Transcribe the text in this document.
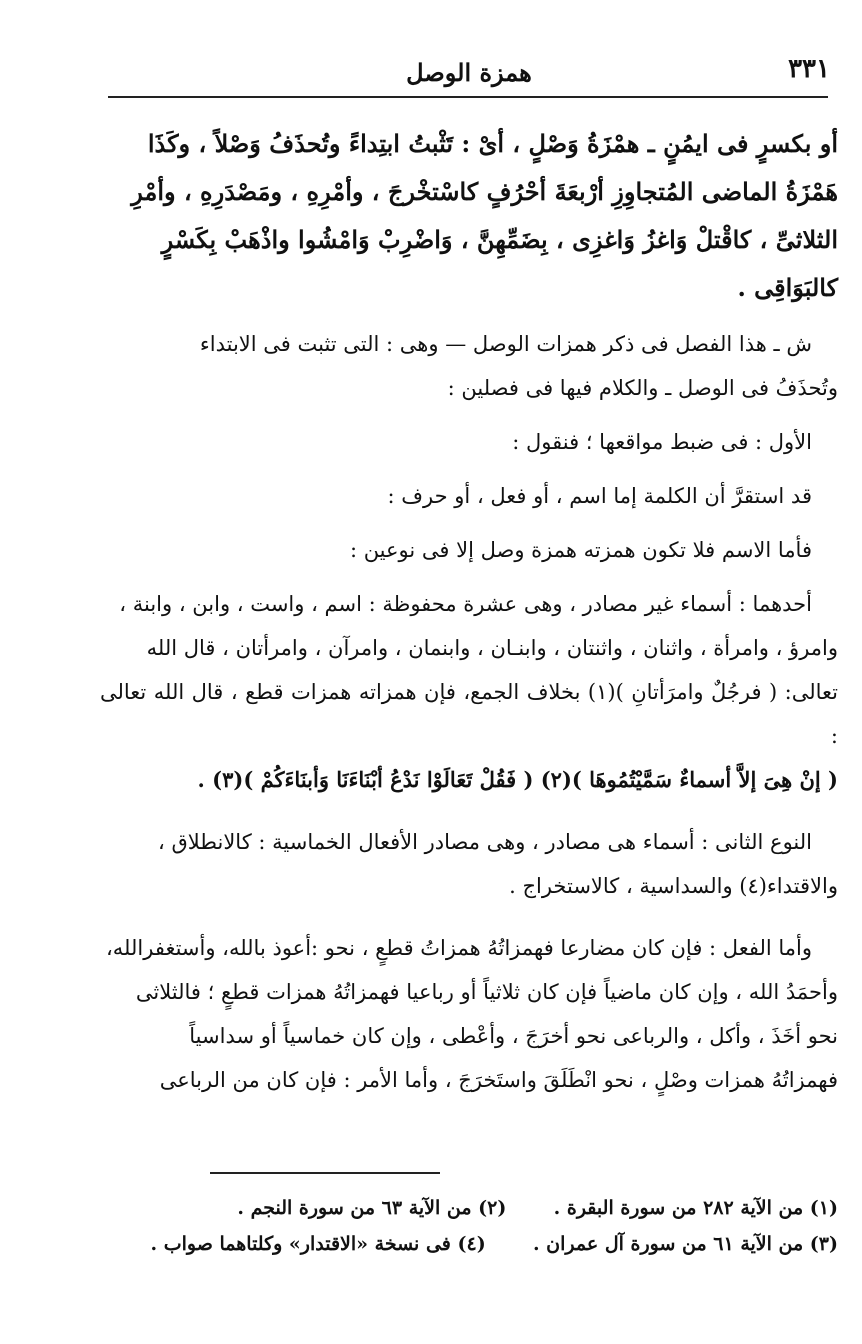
٣٣١
همزة الوصل
أو بكسرٍ فى ايمُنٍ ـ همْزَةُ وَصْلٍ ، أىْ : تَثْبتُ ابتِداءً وتُحذَفُ وَصْلاً ، وكَذَا
هَمْزَةُ الماضى المُتجاوِزِ أرْبعَةَ أحْرُفٍ كاسْتخْرجَ ، وأمْرِهِ ، ومَصْدَرِهِ ، وأمْرِ
الثلاثىِّ ، كاقْتلْ وَاغزُ وَاغزِى ، بِضَمِّهِنَّ ، وَاضْرِبْ وَامْشُوا واذْهَبْ بِكَسْرٍ
كالبَوَاقِى .
ش ـ هذا الفصل فى ذكر همزات الوصل — وهى : التى تثبت فى الابتداء
وتُحذَفُ فى الوصل ـ والكلام فيها فى فصلين :
الأول : فى ضبط مواقعها ؛ فنقول :
قد استقرَّ أن الكلمة إما اسم ، أو فعل ، أو حرف :
فأما الاسم فلا تكون همزته همزة وصل إلا فى نوعين :
أحدهما : أسماء غير مصادر ، وهى عشرة محفوظة : اسم ، واست ، وابن ، وابنة ،
وامرؤ ، وامرأة ، واثنان ، واثنتان ، وابنـان ، وابنمان ، وامرآن ، وامرأتان ، قال الله
تعالى: ( فرجُلٌ وامرَأتانِ )(١) بخلاف الجمع، فإن همزاته همزات قطع ، قال الله تعالى :
( إنْ هِىَ إلاَّ أسماءٌ سَمَّيْتُمُوهَا )(٢) ( فَقُلْ تَعَالَوْا نَدْعُ أبْنَاءَنَا وَأبنَاءَكُمْ )(٣) .
النوع الثانى : أسماء هى مصادر ، وهى مصادر الأفعال الخماسية : كالانطلاق ،
والاقتداء(٤) والسداسية ، كالاستخراج .
وأما الفعل : فإن كان مضارعا فهمزاتُهُ همزاتُ قطعٍ ، نحو :أعوذ بالله، وأستغفرالله،
وأحمَدُ الله ، وإن كان ماضياً فإن كان ثلاثياً أو رباعيا فهمزاتُهُ همزات قطعٍ ؛ فالثلاثى
نحو أخَذَ ، وأكل ، والرباعى نحو أخرَجَ ، وأعْطى ، وإن كان خماسياً أو سداسياً
فهمزاتُهُ همزات وصْلٍ ، نحو انْطَلَقَ واستَخرَجَ ، وأما الأمر : فإن كان من الرباعى
(١) من الآية ٢٨٢ من سورة البقرة .  (٢) من الآية ٦٣ من سورة النجم .
(٣) من الآية ٦١ من سورة آل عمران .  (٤) فى نسخة «الاقتدار» وكلتاهما صواب .
